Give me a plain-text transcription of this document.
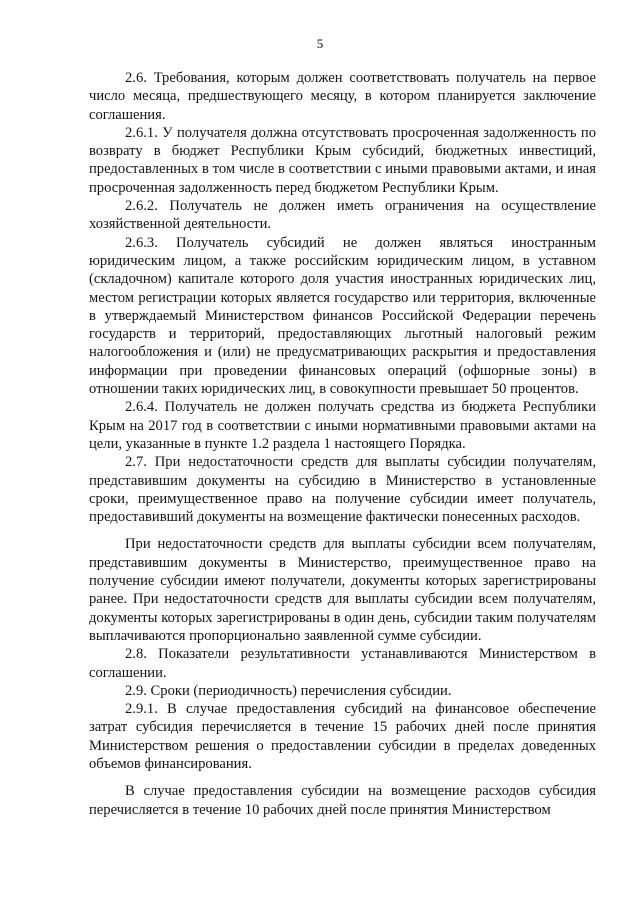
5

2.6. Требования, которым должен соответствовать получатель на первое число месяца, предшествующего месяцу, в котором планируется заключение соглашения.

2.6.1. У получателя должна отсутствовать просроченная задолженность по возврату в бюджет Республики Крым субсидий, бюджетных инвестиций, предоставленных в том числе в соответствии с иными правовыми актами, и иная просроченная задолженность перед бюджетом Республики Крым.

2.6.2. Получатель не должен иметь ограничения на осуществление хозяйственной деятельности.

2.6.3. Получатель субсидий не должен являться иностранным юридическим лицом, а также российским юридическим лицом, в уставном (складочном) капитале которого доля участия иностранных юридических лиц, местом регистрации которых является государство или территория, включенные в утверждаемый Министерством финансов Российской Федерации перечень государств и территорий, предоставляющих льготный налоговый режим налогообложения и (или) не предусматривающих раскрытия и предоставления информации при проведении финансовых операций (офшорные зоны) в отношении таких юридических лиц, в совокупности превышает 50 процентов.

2.6.4. Получатель не должен получать средства из бюджета Республики Крым на 2017 год в соответствии с иными нормативными правовыми актами на цели, указанные в пункте 1.2 раздела 1 настоящего Порядка.

2.7. При недостаточности средств для выплаты субсидии получателям, представившим документы на субсидию в Министерство в установленные сроки, преимущественное право на получение субсидии имеет получатель, предоставивший документы на возмещение фактически понесенных расходов.

При недостаточности средств для выплаты субсидии всем получателям, представившим документы в Министерство, преимущественное право на получение субсидии имеют получатели, документы которых зарегистрированы ранее. При недостаточности средств для выплаты субсидии всем получателям, документы которых зарегистрированы в один день, субсидии таким получателям выплачиваются пропорционально заявленной сумме субсидии.

2.8. Показатели результативности устанавливаются Министерством в соглашении.

2.9. Сроки (периодичность) перечисления субсидии.

2.9.1. В случае предоставления субсидий на финансовое обеспечение затрат субсидия перечисляется в течение 15 рабочих дней после принятия Министерством решения о предоставлении субсидии в пределах доведенных объемов финансирования.

В случае предоставления субсидии на возмещение расходов субсидия перечисляется в течение 10 рабочих дней после принятия Министерством
